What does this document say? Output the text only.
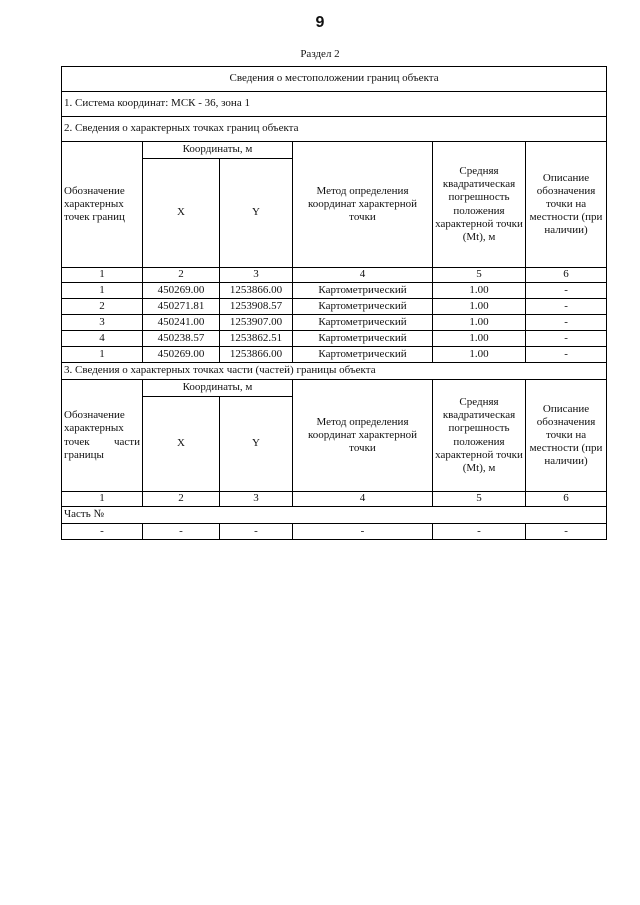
9
Раздел 2
Сведения о местоположении границ объекта					
1. Система координат: МСК - 36, зона 1					
2. Сведения о характерных точках границ объекта					
Обозначение характерных точек границ	Координаты, м		Метод определения координат характерной точки	Средняя квадратическая погрешность положения характерной точки (Mt), м	Описание обозначения точки на местности (при наличии)
	X	Y			
1	2	3	4	5	6
1	450269.00	1253866.00	Картометрический	1.00	-
2	450271.81	1253908.57	Картометрический	1.00	-
3	450241.00	1253907.00	Картометрический	1.00	-
4	450238.57	1253862.51	Картометрический	1.00	-
1	450269.00	1253866.00	Картометрический	1.00	-
3. Сведения о характерных точках части (частей) границы объекта					
Обозначение характерных точек части границы	Координаты, м		Метод определения координат характерной точки	Средняя квадратическая погрешность положения характерной точки (Mt), м	Описание обозначения точки на местности (при наличии)
	X	Y			
1	2	3	4	5	6
Часть №					
-	-	-	-	-	-
